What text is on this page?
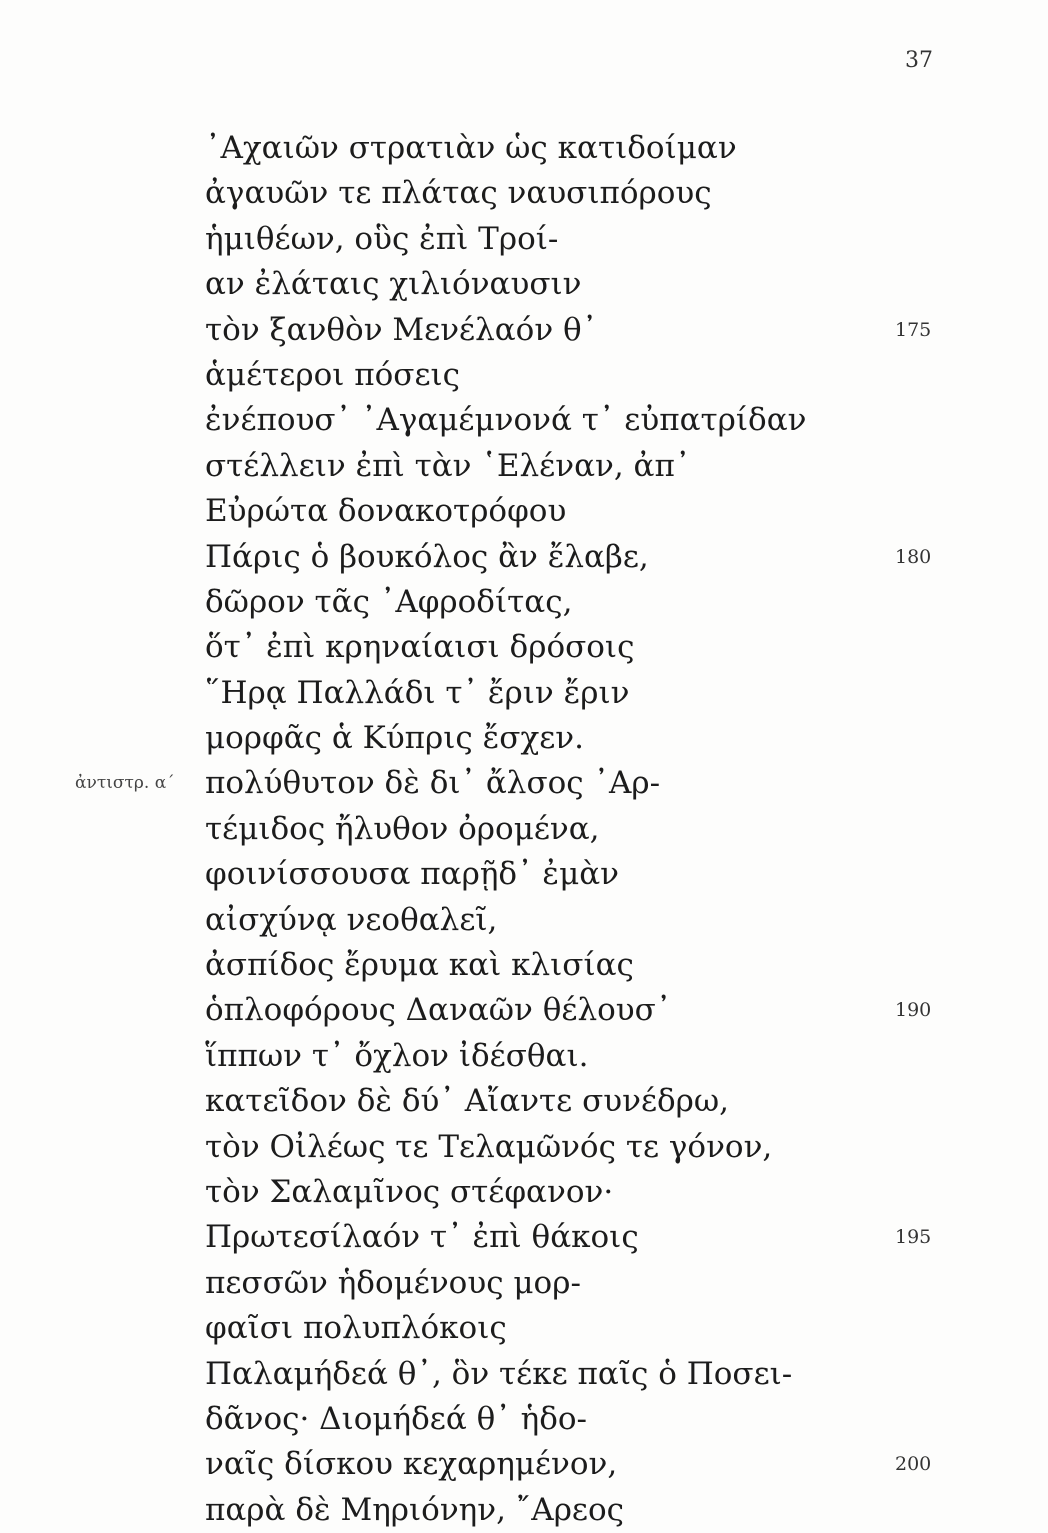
37
᾿Αχαιῶν στρατιὰν ὡς κατιδοίμαν
ἀγαυῶν τε πλάτας ναυσιπόρους
ἡμιθέων, οὓς ἐπὶ Τροί-
αν ἐλάταις χιλιόναυσιν
τὸν ξανθὸν Μενέλαόν θ᾿	175
ἁμέτεροι πόσεις
ἐνέπουσ᾿ ᾿Αγαμέμνονά τ᾿ εὐπατρίδαν
στέλλειν ἐπὶ τὰν ῾Ελέναν, ἀπ᾿
Εὐρώτα δονακοτρόφου
Πάρις ὁ βουκόλος ἂν ἔλαβε,	180
δῶρον τᾶς ᾿Αφροδίτας,
ὅτ᾿ ἐπὶ κρηναίαισι δρόσοις
῞Ηρᾳ Παλλάδι τ᾿ ἔριν ἔριν
μορφᾶς ἁ Κύπρις ἔσχεν.
ἀντιστρ. α´ πολύθυτον δὲ δι᾿ ἄλσος ᾿Αρ-
τέμιδος ἤλυθον ὀρομένα,
φοινίσσουσα παρῇδ᾿ ἐμὰν
αἰσχύνᾳ νεοθαλεῖ,
ἀσπίδος ἔρυμα καὶ κλισίας
ὁπλοφόρους Δαναῶν θέλουσ᾿	190
ἵππων τ᾿ ὄχλον ἰδέσθαι.
κατεῖδον δὲ δύ᾿ Αἴαντε συνέδρω,
τὸν Οἰλέως τε Τελαμῶνός τε γόνον,
τὸν Σαλαμῖνος στέφανον·
Πρωτεσίλαόν τ᾿ ἐπὶ θάκοις	195
πεσσῶν ἡδομένους μορ-
φαῖσι πολυπλόκοις
Παλαμήδεά θ᾿, ὃν τέκε παῖς ὁ Ποσει-
δᾶνος· Διομήδεά θ᾿ ἡδο-
ναῖς δίσκου κεχαρημένον,	200
παρὰ δὲ Μηριόνην, ῎Αρεος
